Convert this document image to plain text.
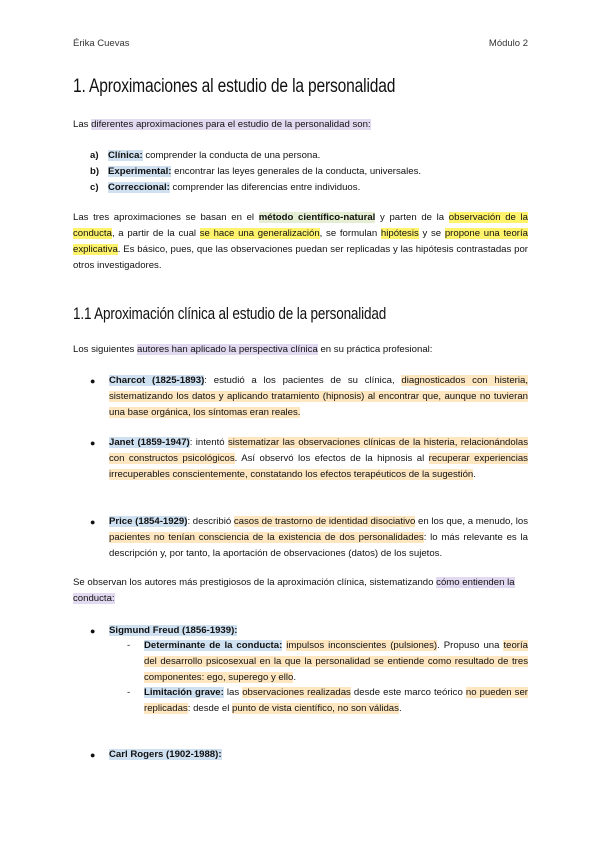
Érika Cuevas	Módulo 2
1. Aproximaciones al estudio de la personalidad
Las diferentes aproximaciones para el estudio de la personalidad son:
a) Clínica: comprender la conducta de una persona.
b) Experimental: encontrar las leyes generales de la conducta, universales.
c) Correccional: comprender las diferencias entre individuos.
Las tres aproximaciones se basan en el método científico-natural y parten de la observación de la conducta, a partir de la cual se hace una generalización, se formulan hipótesis y se propone una teoría explicativa. Es básico, pues, que las observaciones puedan ser replicadas y las hipótesis contrastadas por otros investigadores.
1.1 Aproximación clínica al estudio de la personalidad
Los siguientes autores han aplicado la perspectiva clínica en su práctica profesional:
● Charcot (1825-1893): estudió a los pacientes de su clínica, diagnosticados con histeria, sistematizando los datos y aplicando tratamiento (hipnosis) al encontrar que, aunque no tuvieran una base orgánica, los síntomas eran reales.
● Janet (1859-1947): intentó sistematizar las observaciones clínicas de la histeria, relacionándolas con constructos psicológicos. Así observó los efectos de la hipnosis al recuperar experiencias irrecuperables conscientemente, constatando los efectos terapéuticos de la sugestión.
● Price (1854-1929): describió casos de trastorno de identidad disociativo en los que, a menudo, los pacientes no tenían consciencia de la existencia de dos personalidades: lo más relevante es la descripción y, por tanto, la aportación de observaciones (datos) de los sujetos.
Se observan los autores más prestigiosos de la aproximación clínica, sistematizando cómo entienden la conducta:
● Sigmund Freud (1856-1939):
- Determinante de la conducta: impulsos inconscientes (pulsiones). Propuso una teoría del desarrollo psicosexual en la que la personalidad se entiende como resultado de tres componentes: ego, superego y ello.
- Limitación grave: las observaciones realizadas desde este marco teórico no pueden ser replicadas: desde el punto de vista científico, no son válidas.
● Carl Rogers (1902-1988):
